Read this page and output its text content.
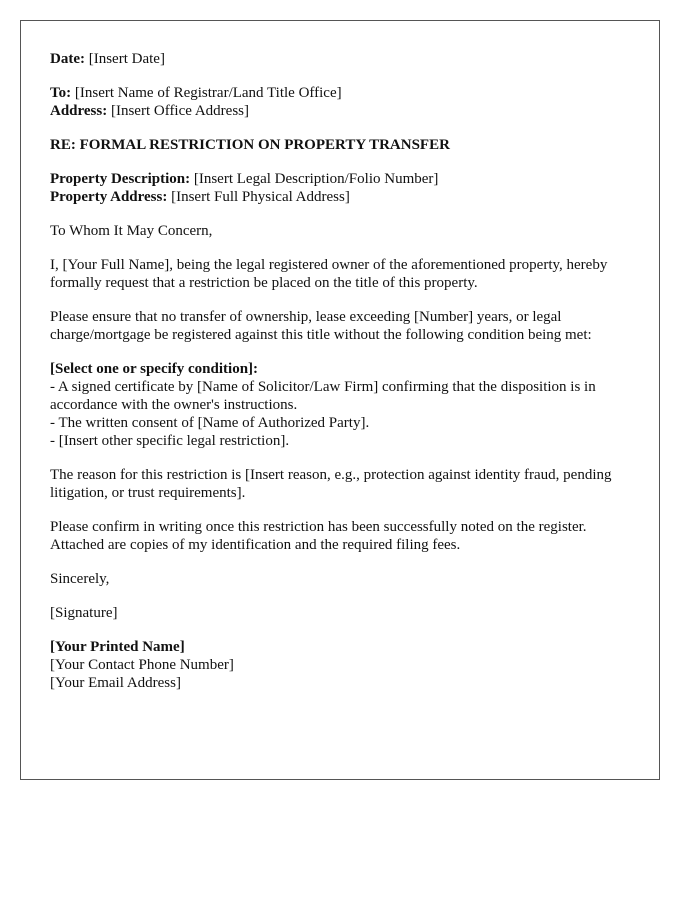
Date: [Insert Date]
To: [Insert Name of Registrar/Land Title Office]
Address: [Insert Office Address]
RE: FORMAL RESTRICTION ON PROPERTY TRANSFER
Property Description: [Insert Legal Description/Folio Number]
Property Address: [Insert Full Physical Address]
To Whom It May Concern,
I, [Your Full Name], being the legal registered owner of the aforementioned property, hereby formally request that a restriction be placed on the title of this property.
Please ensure that no transfer of ownership, lease exceeding [Number] years, or legal charge/mortgage be registered against this title without the following condition being met:
[Select one or specify condition]:
- A signed certificate by [Name of Solicitor/Law Firm] confirming that the disposition is in accordance with the owner's instructions.
- The written consent of [Name of Authorized Party].
- [Insert other specific legal restriction].
The reason for this restriction is [Insert reason, e.g., protection against identity fraud, pending litigation, or trust requirements].
Please confirm in writing once this restriction has been successfully noted on the register. Attached are copies of my identification and the required filing fees.
Sincerely,
[Signature]
[Your Printed Name]
[Your Contact Phone Number]
[Your Email Address]
